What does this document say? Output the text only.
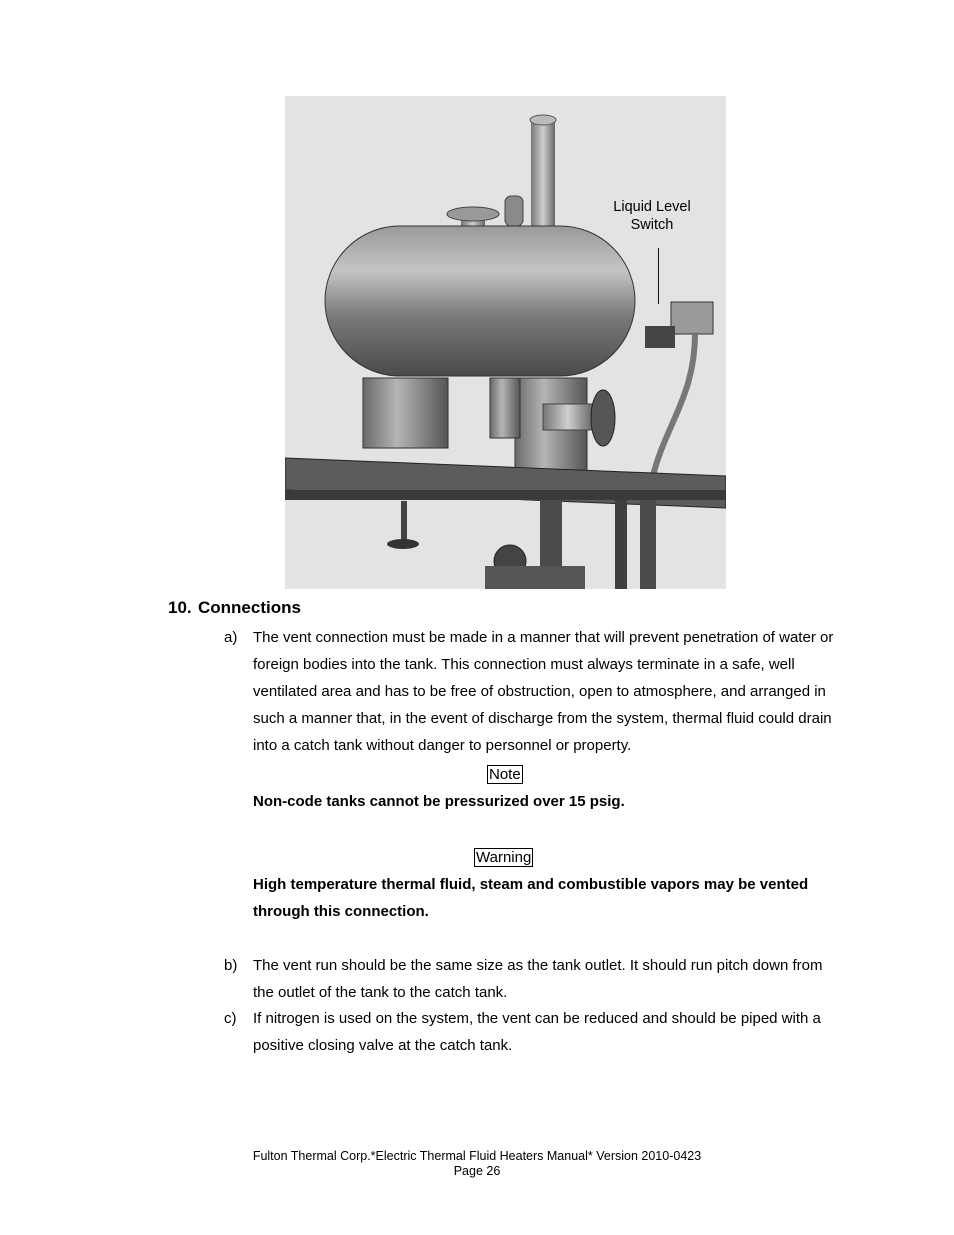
Liquid Level
Switch
10. Connections
a) The vent connection must be made in a manner that will prevent penetration of water or
foreign bodies into the tank. This connection must always terminate in a safe, well
ventilated area and has to be free of obstruction, open to atmosphere, and arranged in
such a manner that, in the event of discharge from the system, thermal fluid could drain
into a catch tank without danger to personnel or property.
Note
Non-code tanks cannot be pressurized over 15 psig.
Warning
High temperature thermal fluid, steam and combustible vapors may be vented
through this connection.
b) The vent run should be the same size as the tank outlet. It should run pitch down from
the outlet of the tank to the catch tank.
c) If nitrogen is used on the system, the vent can be reduced and should be piped with a
positive closing valve at the catch tank.
Fulton Thermal Corp.*Electric Thermal Fluid Heaters Manual* Version 2010-0423
Page 26
